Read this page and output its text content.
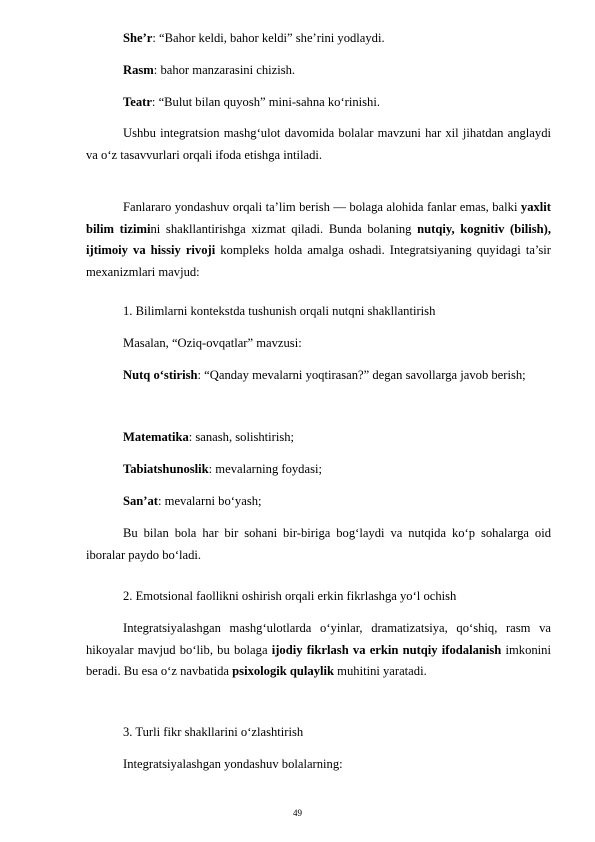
She’r: “Bahor keldi, bahor keldi” she’rini yodlaydi.

Rasm: bahor manzarasini chizish.

Teatr: “Bulut bilan quyosh” mini-sahna ko‘rinishi.

Ushbu integratsion mashg‘ulot davomida bolalar mavzuni har xil jihatdan anglaydi va o‘z tasavvurlari orqali ifoda etishga intiladi.

Fanlararo yondashuv orqali ta’lim berish — bolaga alohida fanlar emas, balki yaxlit bilim tizimini shakllantirishga xizmat qiladi. Bunda bolaning nutqiy, kognitiv (bilish), ijtimoiy va hissiy rivoji kompleks holda amalga oshadi. Integratsiyaning quyidagi ta’sir mexanizmlari mavjud:

1. Bilimlarni kontekstda tushunish orqali nutqni shakllantirish

Masalan, “Oziq-ovqatlar” mavzusi:

Nutq o‘stirish: “Qanday mevalarni yoqtirasan?” degan savollarga javob berish;

Matematika: sanash, solishtirish;

Tabiatshunoslik: mevalarning foydasi;

San’at: mevalarni bo‘yash;

Bu bilan bola har bir sohani bir-biriga bog‘laydi va nutqida ko‘p sohalarga oid iboralar paydo bo‘ladi.

2. Emotsional faollikni oshirish orqali erkin fikrlashga yo‘l ochish

Integratsiyalashgan mashg‘ulotlarda o‘yinlar, dramatizatsiya, qo‘shiq, rasm va hikoyalar mavjud bo‘lib, bu bolaga ijodiy fikrlash va erkin nutqiy ifodalanish imkonini beradi. Bu esa o‘z navbatida psixologik qulaylik muhitini yaratadi.

3. Turli fikr shakllarini o‘zlashtirish

Integratsiyalashgan yondashuv bolalarning:

49
